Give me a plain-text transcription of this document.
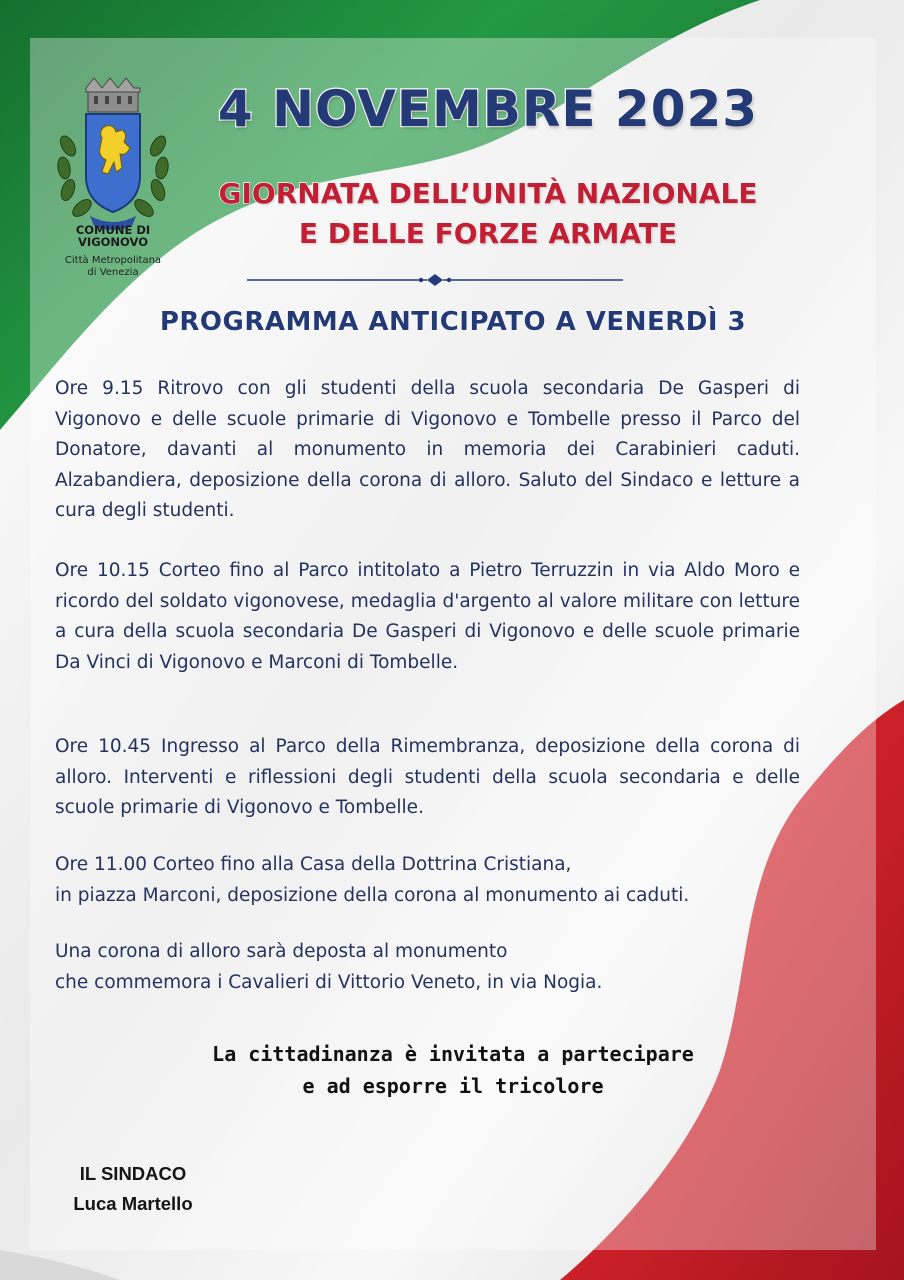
COMUNE DI
VIGONOVO

Città Metropolitana
di Venezia

4 NOVEMBRE 2023
GIORNATA DELL’UNITÀ NAZIONALE
E DELLE FORZE ARMATE
PROGRAMMA ANTICIPATO A VENERDÌ 3

Ore 9.15 Ritrovo con gli studenti della scuola secondaria De Gasperi di Vigonovo e delle scuole primarie di Vigonovo e Tombelle presso il Parco del Donatore, davanti al monumento in memoria dei Carabinieri caduti. Alzabandiera, deposizione della corona di alloro. Saluto del Sindaco e letture a cura degli studenti.

Ore 10.15 Corteo fino al Parco intitolato a Pietro Terruzzin in via Aldo Moro e ricordo del soldato vigonovese, medaglia d'argento al valore militare con letture a cura della scuola secondaria De Gasperi di Vigonovo e delle scuole primarie Da Vinci di Vigonovo e Marconi di Tombelle.

Ore 10.45 Ingresso al Parco della Rimembranza, deposizione della corona di alloro. Interventi e riflessioni degli studenti della scuola secondaria e delle scuole primarie di Vigonovo e Tombelle.

Ore 11.00 Corteo fino alla Casa della Dottrina Cristiana,
in piazza Marconi, deposizione della corona al monumento ai caduti.

Una corona di alloro sarà deposta al monumento
che commemora i Cavalieri di Vittorio Veneto, in via Nogia.

La cittadinanza è invitata a partecipare
e ad esporre il tricolore

IL SINDACO

Luca Martello
